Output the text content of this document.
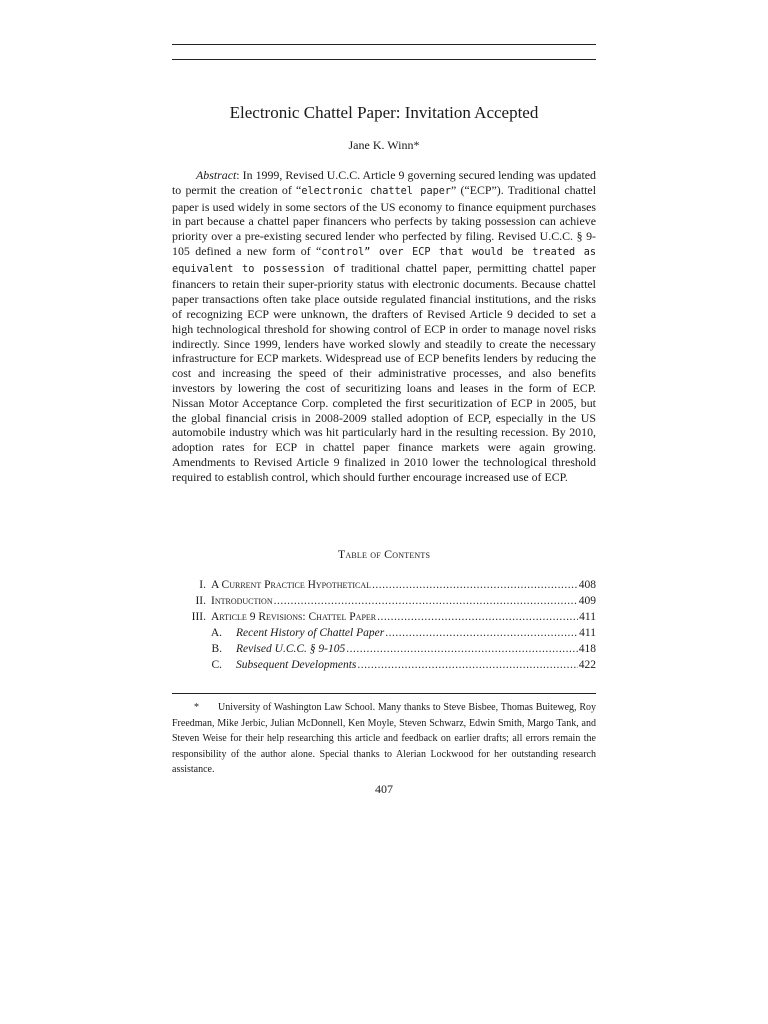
Electronic Chattel Paper: Invitation Accepted
Jane K. Winn*

Abstract: In 1999, Revised U.C.C. Article 9 governing secured lending was updated to permit the creation of “electronic chattel paper” (“ECP”). Traditional chattel paper is used widely in some sectors of the US economy to finance equipment purchases in part because a chattel paper financers who perfects by taking possession can achieve priority over a pre-existing secured lender who perfected by filing. Revised U.C.C. § 9-105 defined a new form of “control” over ECP that would be treated as equivalent to possession of traditional chattel paper, permitting chattel paper financers to retain their super-priority status with electronic documents. Because chattel paper transactions often take place outside regulated financial institutions, and the risks of recognizing ECP were unknown, the drafters of Revised Article 9 decided to set a high technological threshold for showing control of ECP in order to manage novel risks indirectly. Since 1999, lenders have worked slowly and steadily to create the necessary infrastructure for ECP markets. Widespread use of ECP benefits lenders by reducing the cost and increasing the speed of their administrative processes, and also benefits investors by lowering the cost of securitizing loans and leases in the form of ECP. Nissan Motor Acceptance Corp. completed the first securitization of ECP in 2005, but the global financial crisis in 2008-2009 stalled adoption of ECP, especially in the US automobile industry which was hit particularly hard in the resulting recession. By 2010, adoption rates for ECP in chattel paper finance markets were again growing. Amendments to Revised Article 9 finalized in 2010 lower the technological threshold required to establish control, which should further encourage increased use of ECP.

Table of Contents
I. A Current Practice Hypothetical .....	408
II. Introduction .....	409
III. Article 9 Revisions: Chattel Paper .....	411
A.	Recent History of Chattel Paper .....	411
B.	Revised U.C.C. § 9-105 .....	418
C.	Subsequent Developments .....	422

* University of Washington Law School. Many thanks to Steve Bisbee, Thomas Buiteweg, Roy Freedman, Mike Jerbic, Julian McDonnell, Ken Moyle, Steven Schwarz, Edwin Smith, Margo Tank, and Steven Weise for their help researching this article and feedback on earlier drafts; all errors remain the responsibility of the author alone. Special thanks to Alerian Lockwood for her outstanding research assistance.

407
